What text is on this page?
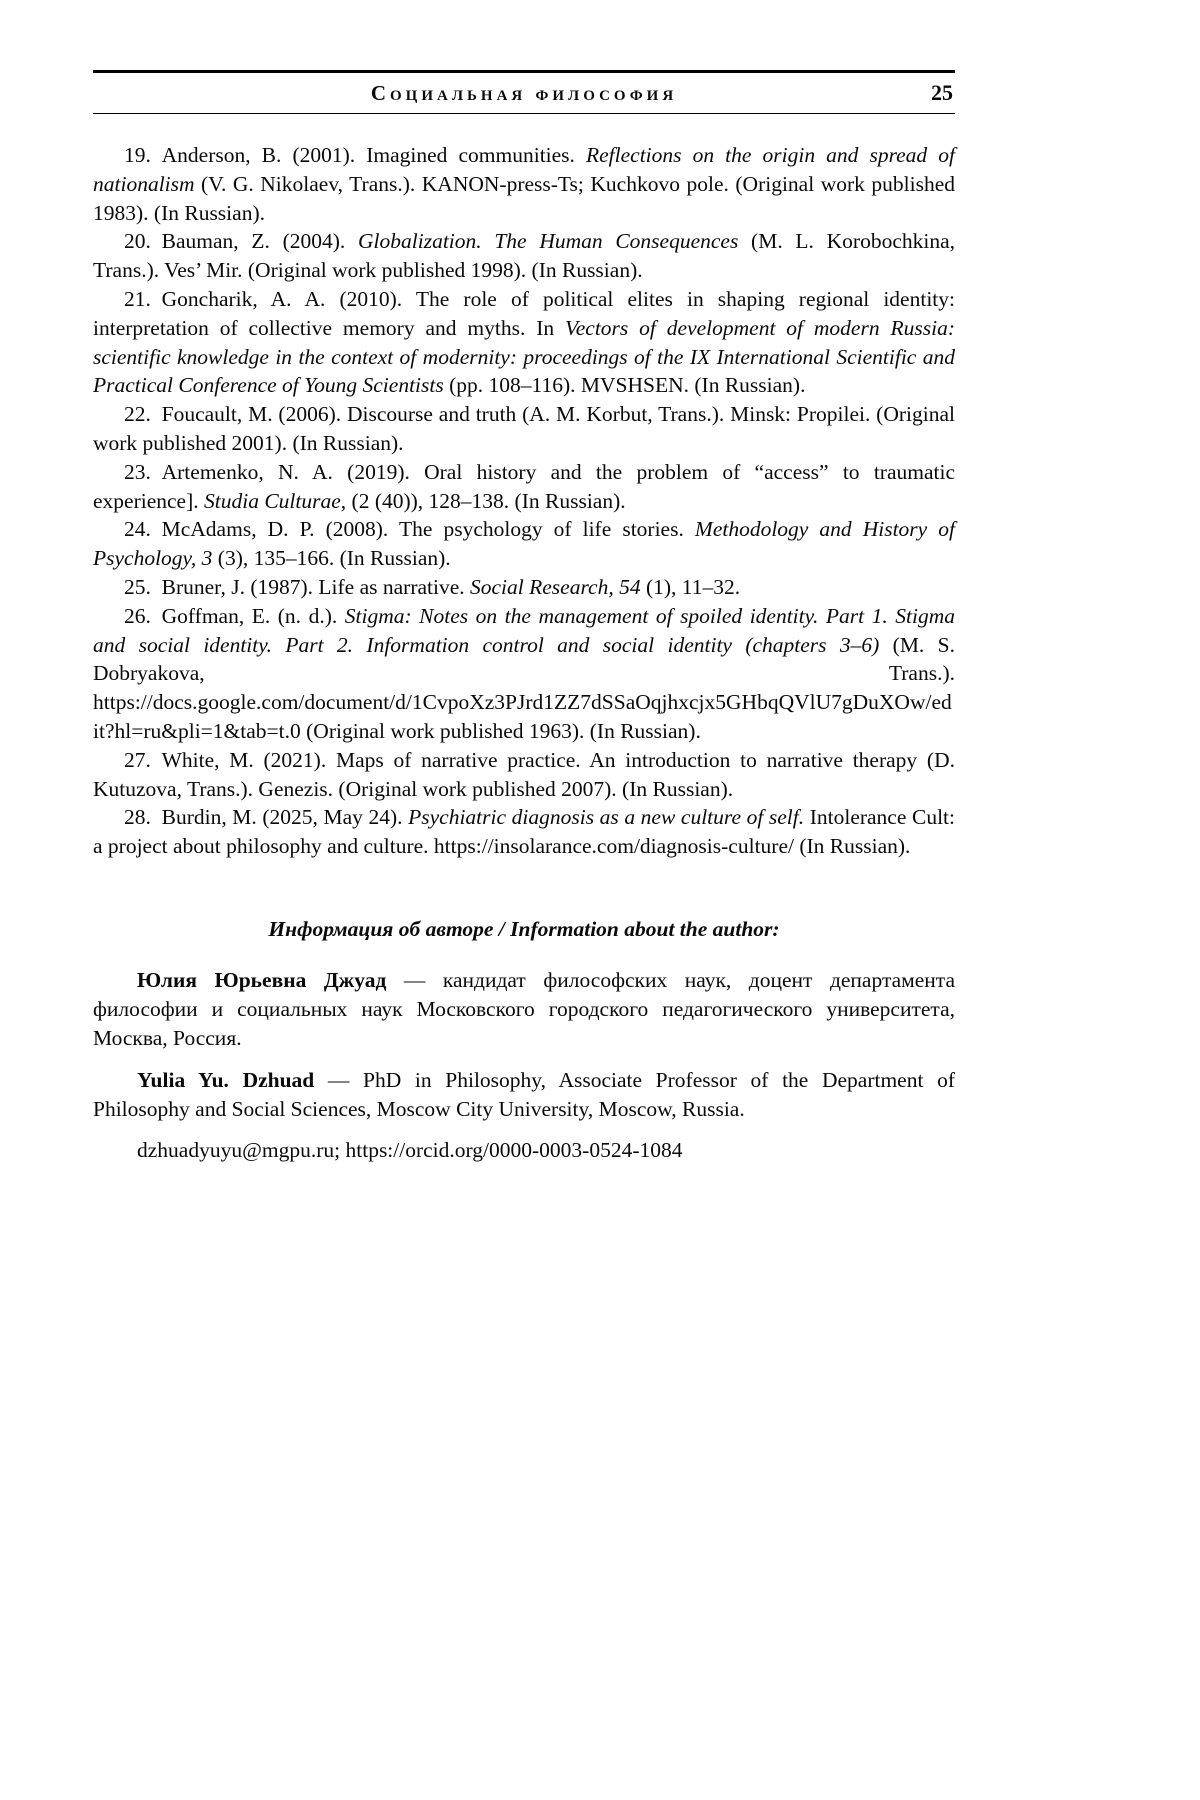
Социальная философия	25

19. Anderson, B. (2001). Imagined communities. Reflections on the origin and spread of nationalism (V. G. Nikolaev, Trans.). KANON-press-Ts; Kuchkovo pole. (Original work published 1983). (In Russian).

20. Bauman, Z. (2004). Globalization. The Human Consequences (M. L. Korobochkina, Trans.). Ves’ Mir. (Original work published 1998). (In Russian).

21. Goncharik, A. A. (2010). The role of political elites in shaping regional identity: interpretation of collective memory and myths. In Vectors of development of modern Russia: scientific knowledge in the context of modernity: proceedings of the IX International Scientific and Practical Conference of Young Scientists (pp. 108–116). MVSHSEN. (In Russian).

22. Foucault, M. (2006). Discourse and truth (A. M. Korbut, Trans.). Minsk: Propilei. (Original work published 2001). (In Russian).

23. Artemenko, N. A. (2019). Oral history and the problem of “access” to traumatic experience]. Studia Culturae, (2 (40)), 128–138. (In Russian).

24. McAdams, D. P. (2008). The psychology of life stories. Methodology and History of Psychology, 3 (3), 135–166. (In Russian).

25. Bruner, J. (1987). Life as narrative. Social Research, 54 (1), 11–32.

26. Goffman, E. (n. d.). Stigma: Notes on the management of spoiled identity. Part 1. Stigma and social identity. Part 2. Information control and social identity (chapters 3–6) (M. S. Dobryakova, Trans.). https://docs.google.com/document/d/1CvpoXz3PJrd1ZZ7dSSaOqjhxcjx5GHbqQVlU7gDuXOw/edit?hl=ru&pli=1&tab=t.0 (Original work published 1963). (In Russian).

27. White, M. (2021). Maps of narrative practice. An introduction to narrative therapy (D. Kutuzova, Trans.). Genezis. (Original work published 2007). (In Russian).

28. Burdin, M. (2025, May 24). Psychiatric diagnosis as a new culture of self. Intolerance Cult: a project about philosophy and culture. https://insolarance.com/diagnosis-culture/ (In Russian).

Информация об авторе / Information about the author:

Юлия Юрьевна Джуад — кандидат философских наук, доцент департамента философии и социальных наук Московского городского педагогического университета, Москва, Россия.

Yulia Yu. Dzhuad — PhD in Philosophy, Associate Professor of the Department of Philosophy and Social Sciences, Moscow City University, Moscow, Russia.

dzhuadyuyu@mgpu.ru; https://orcid.org/0000-0003-0524-1084
